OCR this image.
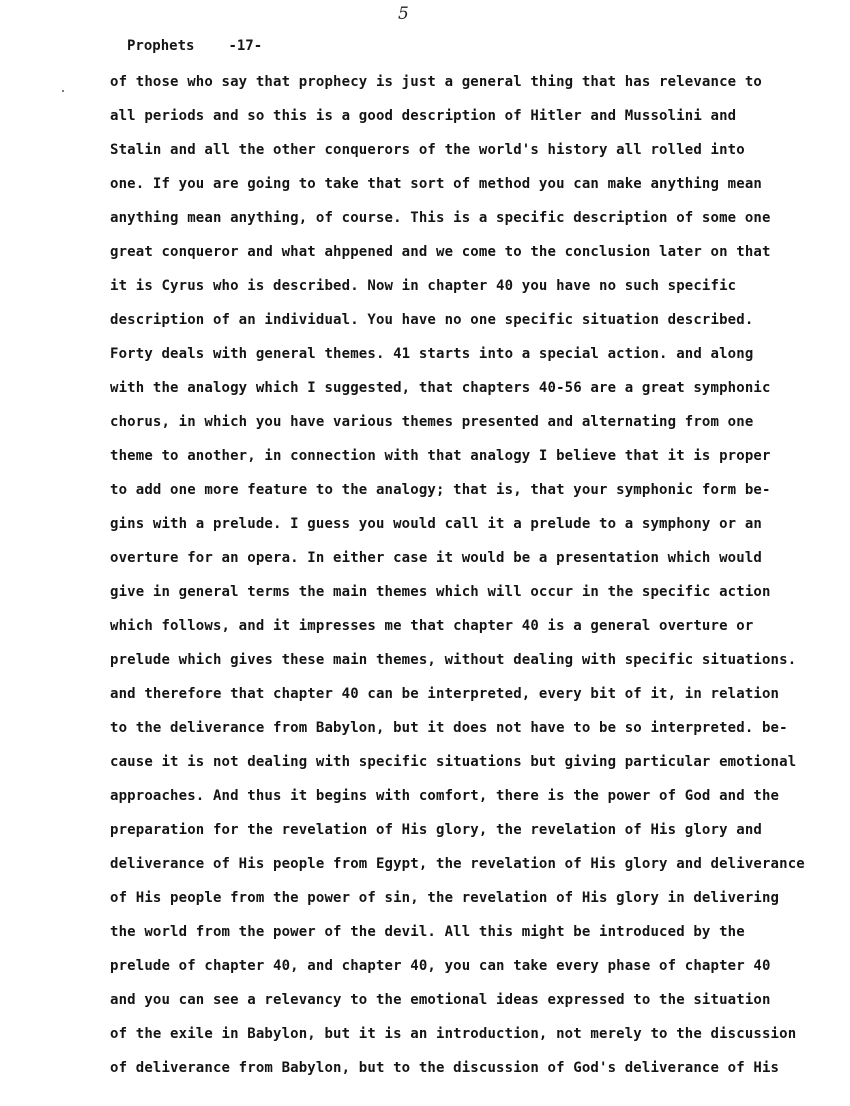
5
Prophets -17-
of those who say that prophecy is just a general thing that has relevance to
all periods and so this is a good description of Hitler and Mussolini and
Stalin and all the other conquerors of the world's history all rolled into
one. If you are going to take that sort of method you can make anything mean
anything mean anything, of course. This is a specific description of some one
great conqueror and what ahppened and we come to the conclusion later on that
it is Cyrus who is described. Now in chapter 40 you have no such specific
description of an individual. You have no one specific situation described.
Forty deals with general themes. 41 starts into a special action. and along
with the analogy which I suggested, that chapters 40-56 are a great symphonic
chorus, in which you have various themes presented and alternating from one
theme to another, in connection with that analogy I believe that it is proper
to add one more feature to the analogy; that is, that your symphonic form be-
gins with a prelude. I guess you would call it a prelude to a symphony or an
overture for an opera. In either case it would be a presentation which would
give in general terms the main themes which will occur in the specific action
which follows, and it impresses me that chapter 40 is a general overture or
prelude which gives these main themes, without dealing with specific situations.
and therefore that chapter 40 can be interpreted, every bit of it, in relation
to the deliverance from Babylon, but it does not have to be so interpreted. be-
cause it is not dealing with specific situations but giving particular emotional
approaches. And thus it begins with comfort, there is the power of God and the
preparation for the revelation of His glory, the revelation of His glory and
deliverance of His people from Egypt, the revelation of His glory and deliverance
of His people from the power of sin, the revelation of His glory in delivering
the world from the power of the devil. All this might be introduced by the
prelude of chapter 40, and chapter 40, you can take every phase of chapter 40
and you can see a relevancy to the emotional ideas expressed to the situation
of the exile in Babylon, but it is an introduction, not merely to the discussion
of deliverance from Babylon, but to the discussion of God's deliverance of His
